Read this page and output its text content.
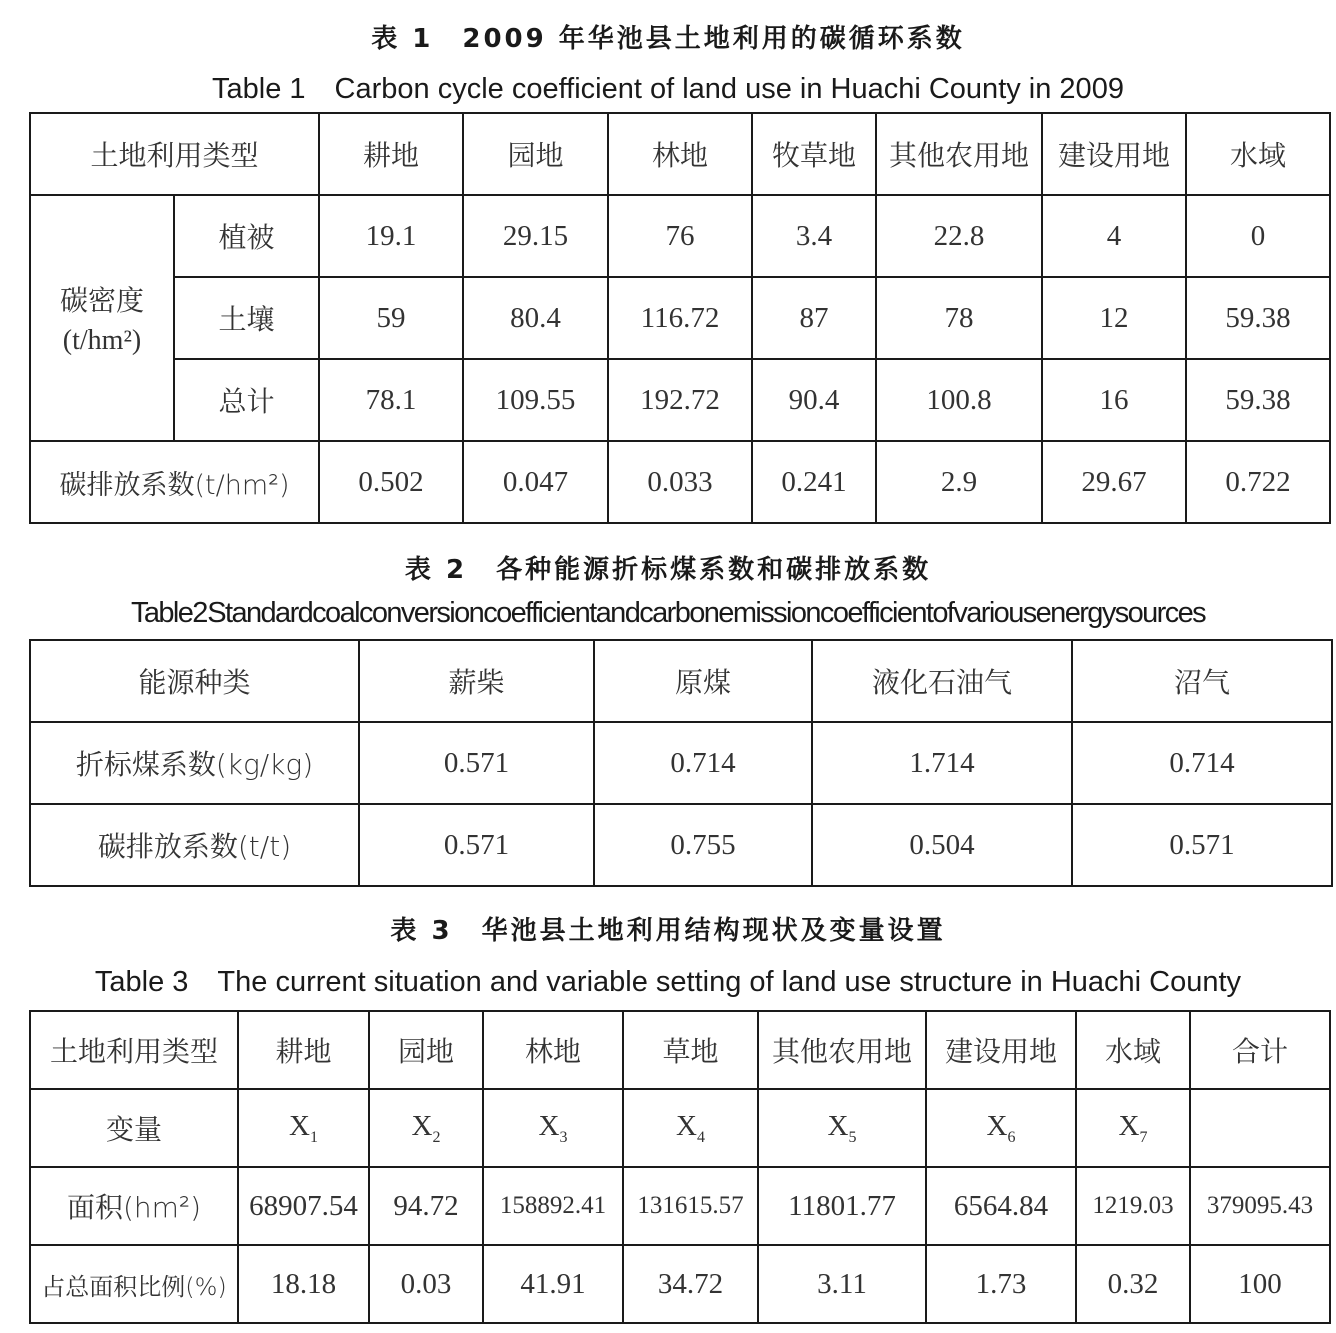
表 1　2009 年华池县土地利用的碳循环系数
Table 1　Carbon cycle coefficient of land use in Huachi County in 2009
土地利用类型		耕地	园地	林地	牧草地	其他农用地	建设用地	水域

碳密度
(t/hm²)	植被	19.1	29.15	76	3.4	22.8	4	0
	土壤	59	80.4	116.72	87	78	12	59.38
	总计	78.1	109.55	192.72	90.4	100.8	16	59.38
碳排放系数(t/hm²)		0.502	0.047	0.033	0.241	2.9	29.67	0.722
表 2　各种能源折标煤系数和碳排放系数
Table2 Standardcoalconversioncoefficientandcarbonemissioncoefficientofvariousenergysources
能源种类	薪柴	原煤	液化石油气	沼气
折标煤系数(kg/kg)	0.571	0.714	1.714	0.714
碳排放系数(t/t)	0.571	0.755	0.504	0.571
表 3　华池县土地利用结构现状及变量设置
Table 3　The current situation and variable setting of land use structure in Huachi County
土地利用类型	耕地	园地	林地	草地	其他农用地	建设用地	水域	合计
变量	$X_1$	$X_2$	$X_3$	$X_4$	$X_5$	$X_6$	$X_7$	
面积(hm²)	68907.54	94.72	158892.41	131615.57	11801.77	6564.84	1219.03	379095.43
占总面积比例(%)	18.18	0.03	41.91	34.72	3.11	1.73	0.32	100
